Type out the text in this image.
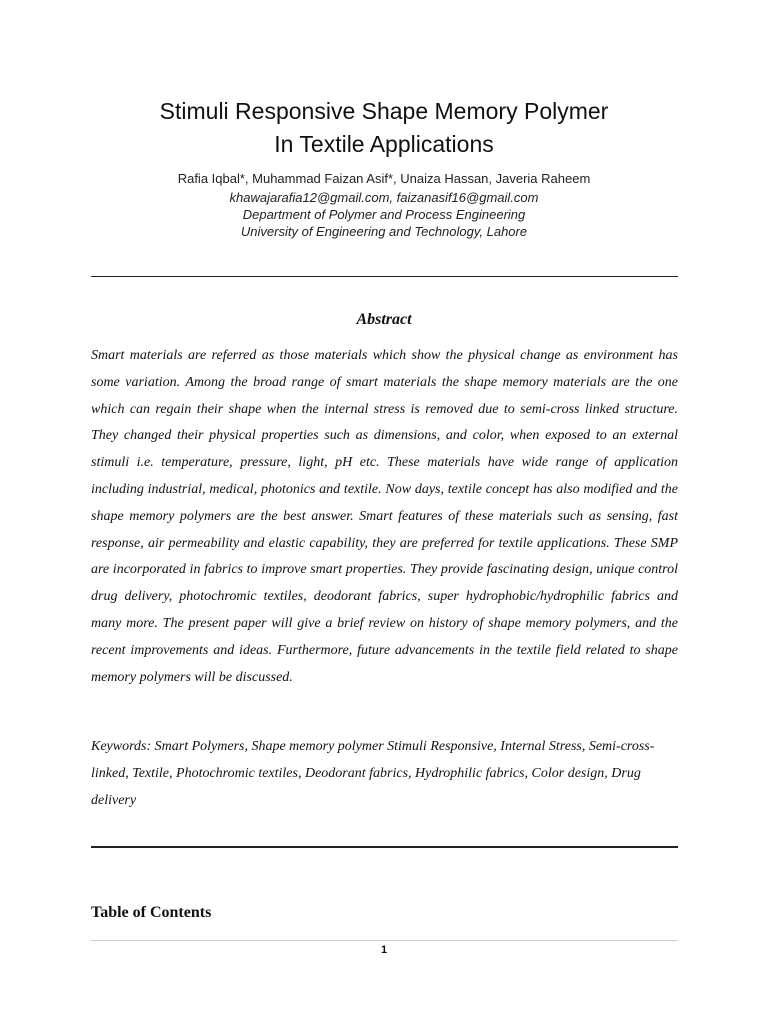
Stimuli Responsive Shape Memory Polymer
In Textile Applications
Rafia Iqbal*, Muhammad Faizan Asif*, Unaiza Hassan, Javeria Raheem
khawajarafia12@gmail.com, faizanasif16@gmail.com
Department of Polymer and Process Engineering
University of Engineering and Technology, Lahore
Abstract

Smart materials are referred as those materials which show the physical change as environment has some variation. Among the broad range of smart materials the shape memory materials are the one which can regain their shape when the internal stress is removed due to semi-cross linked structure. They changed their physical properties such as dimensions, and color, when exposed to an external stimuli i.e. temperature, pressure, light, pH etc. These materials have wide range of application including industrial, medical, photonics and textile. Now days, textile concept has also modified and the shape memory polymers are the best answer. Smart features of these materials such as sensing, fast response, air permeability and elastic capability, they are preferred for textile applications. These SMP are incorporated in fabrics to improve smart properties. They provide fascinating design, unique control drug delivery, photochromic textiles, deodorant fabrics, super hydrophobic/hydrophilic fabrics and many more. The present paper will give a brief review on history of shape memory polymers, and the recent improvements and ideas. Furthermore, future advancements in the textile field related to shape memory polymers will be discussed.

Keywords: Smart Polymers, Shape memory polymer Stimuli Responsive, Internal Stress, Semi-cross-linked, Textile, Photochromic textiles, Deodorant fabrics, Hydrophilic fabrics, Color design, Drug delivery

Table of Contents
1
